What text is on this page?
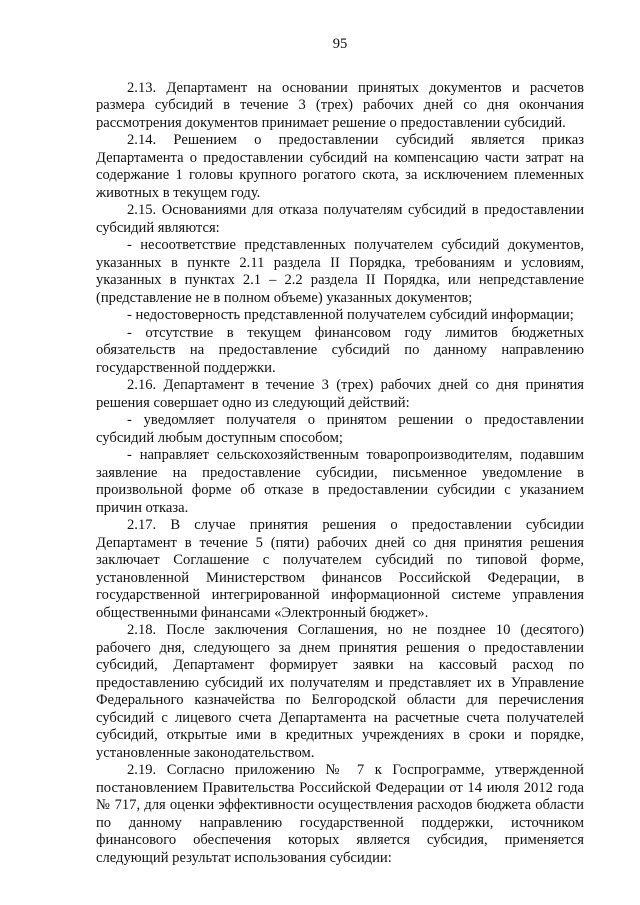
95

2.13. Департамент на основании принятых документов и расчетов размера субсидий в течение 3 (трех) рабочих дней со дня окончания рассмотрения документов принимает решение о предоставлении субсидий.

2.14. Решением о предоставлении субсидий является приказ Департамента о предоставлении субсидий на компенсацию части затрат на содержание 1 головы крупного рогатого скота, за исключением племенных животных в текущем году.

2.15. Основаниями для отказа получателям субсидий в предоставлении субсидий являются:

- несоответствие представленных получателем субсидий документов, указанных в пункте 2.11 раздела II Порядка, требованиям и условиям, указанных в пунктах 2.1 – 2.2 раздела II Порядка, или непредставление (представление не в полном объеме) указанных документов;

- недостоверность представленной получателем субсидий информации;

- отсутствие в текущем финансовом году лимитов бюджетных обязательств на предоставление субсидий по данному направлению государственной поддержки.

2.16. Департамент в течение 3 (трех) рабочих дней со дня принятия решения совершает одно из следующий действий:

- уведомляет получателя о принятом решении о предоставлении субсидий любым доступным способом;

- направляет сельскохозяйственным товаропроизводителям, подавшим заявление на предоставление субсидии, письменное уведомление в произвольной форме об отказе в предоставлении субсидии с указанием причин отказа.

2.17. В случае принятия решения о предоставлении субсидии Департамент в течение 5 (пяти) рабочих дней со дня принятия решения заключает Соглашение с получателем субсидий по типовой форме, установленной Министерством финансов Российской Федерации, в государственной интегрированной информационной системе управления общественными финансами «Электронный бюджет».

2.18. После заключения Соглашения, но не позднее 10 (десятого) рабочего дня, следующего за днем принятия решения о предоставлении субсидий, Департамент формирует заявки на кассовый расход по предоставлению субсидий их получателям и представляет их в Управление Федерального казначейства по Белгородской области для перечисления субсидий с лицевого счета Департамента на расчетные счета получателей субсидий, открытые ими в кредитных учреждениях в сроки и порядке, установленные законодательством.

2.19. Согласно приложению № 7 к Госпрограмме, утвержденной постановлением Правительства Российской Федерации от 14 июля 2012 года № 717, для оценки эффективности осуществления расходов бюджета области по данному направлению государственной поддержки, источником финансового обеспечения которых является субсидия, применяется следующий результат использования субсидии:
